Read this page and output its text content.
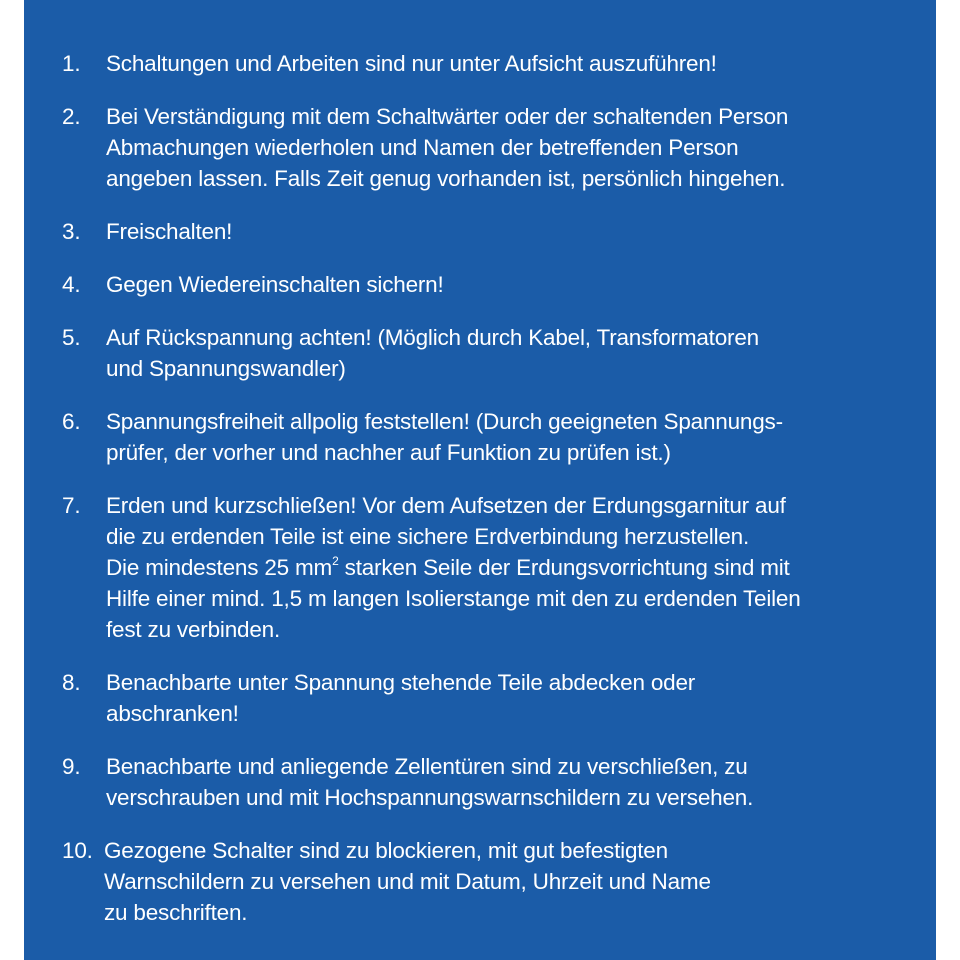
1.	Schaltungen und Arbeiten sind nur unter Aufsicht auszuführen!
2.	Bei Verständigung mit dem Schaltwärter oder der schaltenden Person
Abmachungen wiederholen und Namen der betreffenden Person
angeben lassen. Falls Zeit genug vorhanden ist, persönlich hingehen.
3.	Freischalten!
4.	Gegen Wiedereinschalten sichern!
5.	Auf Rückspannung achten! (Möglich durch Kabel, Transformatoren
und Spannungswandler)
6.	Spannungsfreiheit allpolig feststellen! (Durch geeigneten Spannungs-
prüfer, der vorher und nachher auf Funktion zu prüfen ist.)
7.	Erden und kurzschließen! Vor dem Aufsetzen der Erdungsgarnitur auf
die zu erdenden Teile ist eine sichere Erdverbindung herzustellen.
Die mindestens 25 $mm^2$ starken Seile der Erdungsvorrichtung sind mit
Hilfe einer mind. 1,5 m langen Isolierstange mit den zu erdenden Teilen
fest zu verbinden.
8.	Benachbarte unter Spannung stehende Teile abdecken oder
abschranken!
9.	Benachbarte und anliegende Zellentüren sind zu verschließen, zu
verschrauben und mit Hochspannungswarnschildern zu versehen.
10. Gezogene Schalter sind zu blockieren, mit gut befestigten
Warnschildern zu versehen und mit Datum, Uhrzeit und Name
zu beschriften.
